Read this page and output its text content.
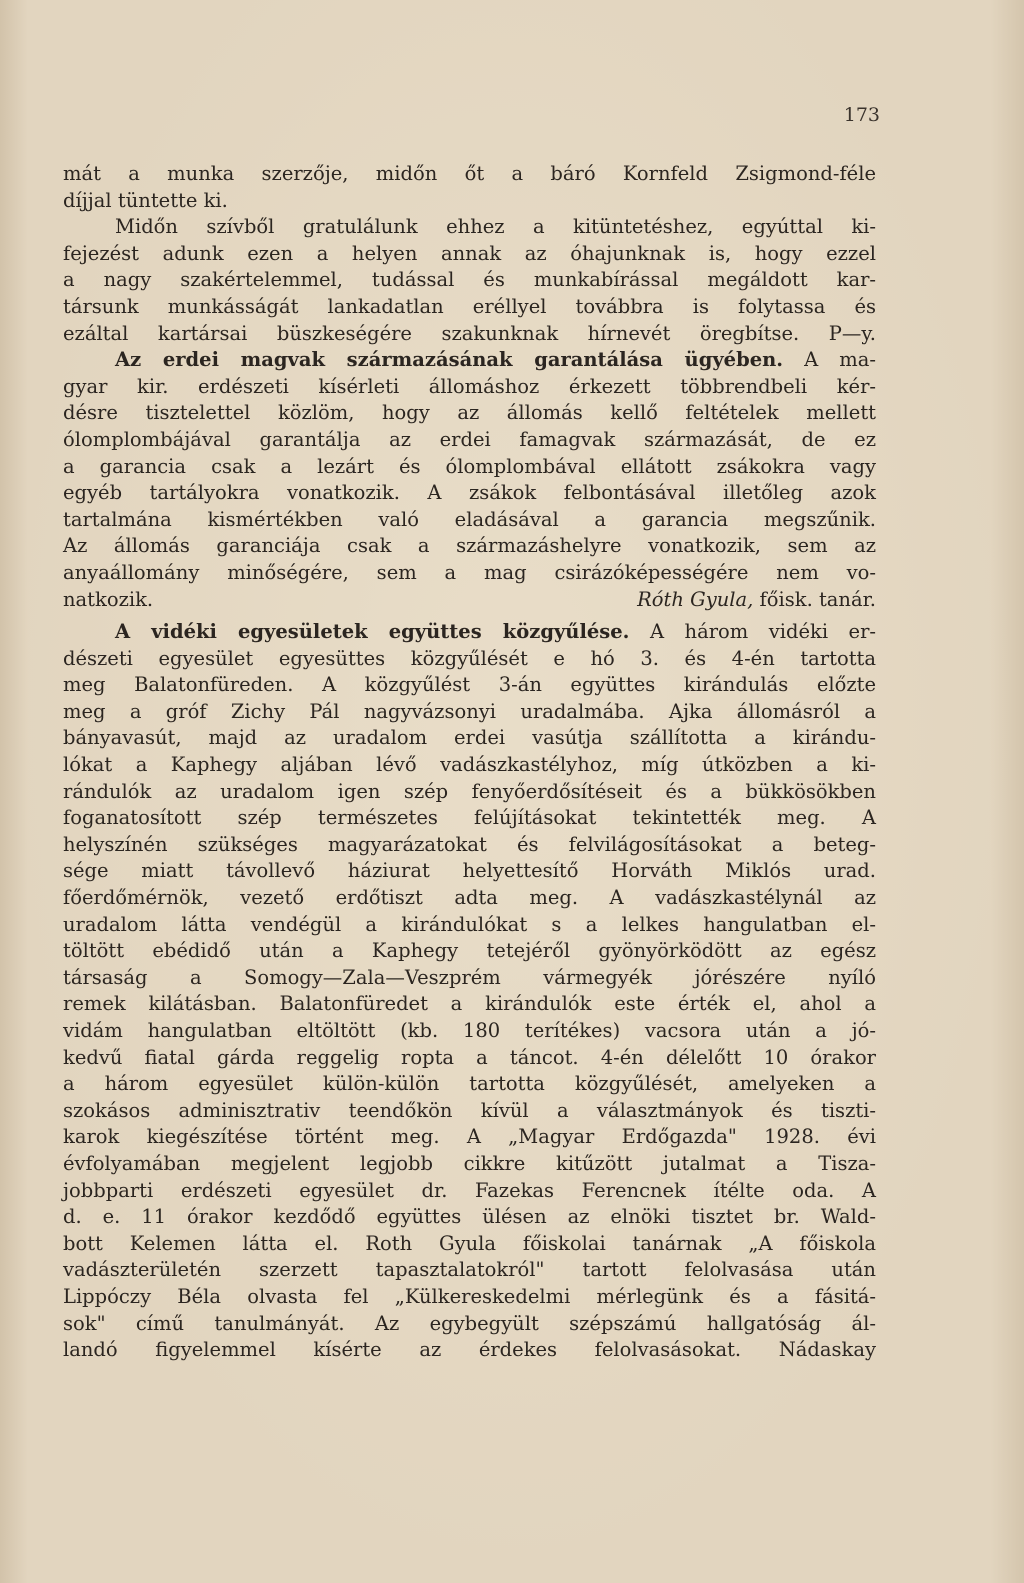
173
mát a munka szerzője, midőn őt a báró Kornfeld Zsigmond-féle
díjjal tüntette ki.
Midőn szívből gratulálunk ehhez a kitüntetéshez, egyúttal ki-
fejezést adunk ezen a helyen annak az óhajunknak is, hogy ezzel
a nagy szakértelemmel, tudással és munkabírással megáldott kar-
társunk munkásságát lankadatlan eréllyel továbbra is folytassa és
ezáltal kartársai büszkeségére szakunknak hírnevét öregbítse. P—y.
Az erdei magvak származásának garantálása ügyében. A ma-
gyar kir. erdészeti kísérleti állomáshoz érkezett többrendbeli kér-
désre tisztelettel közlöm, hogy az állomás kellő feltételek mellett
ólomplombájával garantálja az erdei famagvak származását, de ez
a garancia csak a lezárt és ólomplombával ellátott zsákokra vagy
egyéb tartályokra vonatkozik. A zsákok felbontásával illetőleg azok
tartalmána kismértékben való eladásával a garancia megszűnik.
Az állomás garanciája csak a származáshelyre vonatkozik, sem az
anyaállomány minőségére, sem a mag csirázóképességére nem vo-
natkozik.	Róth Gyula, főisk. tanár.
A vidéki egyesületek együttes közgyűlése. A három vidéki er-
dészeti egyesület egyesüttes közgyűlését e hó 3. és 4-én tartotta
meg Balatonfüreden. A közgyűlést 3-án együttes kirándulás előzte
meg a gróf Zichy Pál nagyvázsonyi uradalmába. Ajka állomásról a
bányavasút, majd az uradalom erdei vasútja szállította a kirándu-
lókat a Kaphegy aljában lévő vadászkastélyhoz, míg útközben a ki-
rándulók az uradalom igen szép fenyőerdősítéseit és a bükkösökben
foganatosított szép természetes felújításokat tekintették meg. A
helyszínén szükséges magyarázatokat és felvilágosításokat a beteg-
sége miatt távollevő háziurat helyettesítő Horváth Miklós urad.
főerdőmérnök, vezető erdőtiszt adta meg. A vadászkastélynál az
uradalom látta vendégül a kirándulókat s a lelkes hangulatban el-
töltött ebédidő után a Kaphegy tetejéről gyönyörködött az egész
társaság a Somogy—Zala—Veszprém vármegyék jórészére nyíló
remek kilátásban. Balatonfüredet a kirándulók este érték el, ahol a
vidám hangulatban eltöltött (kb. 180 terítékes) vacsora után a jó-
kedvű fiatal gárda reggelig ropta a táncot. 4-én délelőtt 10 órakor
a három egyesület külön-külön tartotta közgyűlését, amelyeken a
szokásos adminisztrativ teendőkön kívül a választmányok és tiszti-
karok kiegészítése történt meg. A „Magyar Erdőgazda" 1928. évi
évfolyamában megjelent legjobb cikkre kitűzött jutalmat a Tisza-
jobbparti erdészeti egyesület dr. Fazekas Ferencnek ítélte oda. A
d. e. 11 órakor kezdődő együttes ülésen az elnöki tisztet br. Wald-
bott Kelemen látta el. Roth Gyula főiskolai tanárnak „A főiskola
vadászterületén szerzett tapasztalatokról" tartott felolvasása után
Lippóczy Béla olvasta fel „Külkereskedelmi mérlegünk és a fásitá-
sok" című tanulmányát. Az egybegyült szépszámú hallgatóság ál-
landó figyelemmel kísérte az érdekes felolvasásokat. Nádaskay
